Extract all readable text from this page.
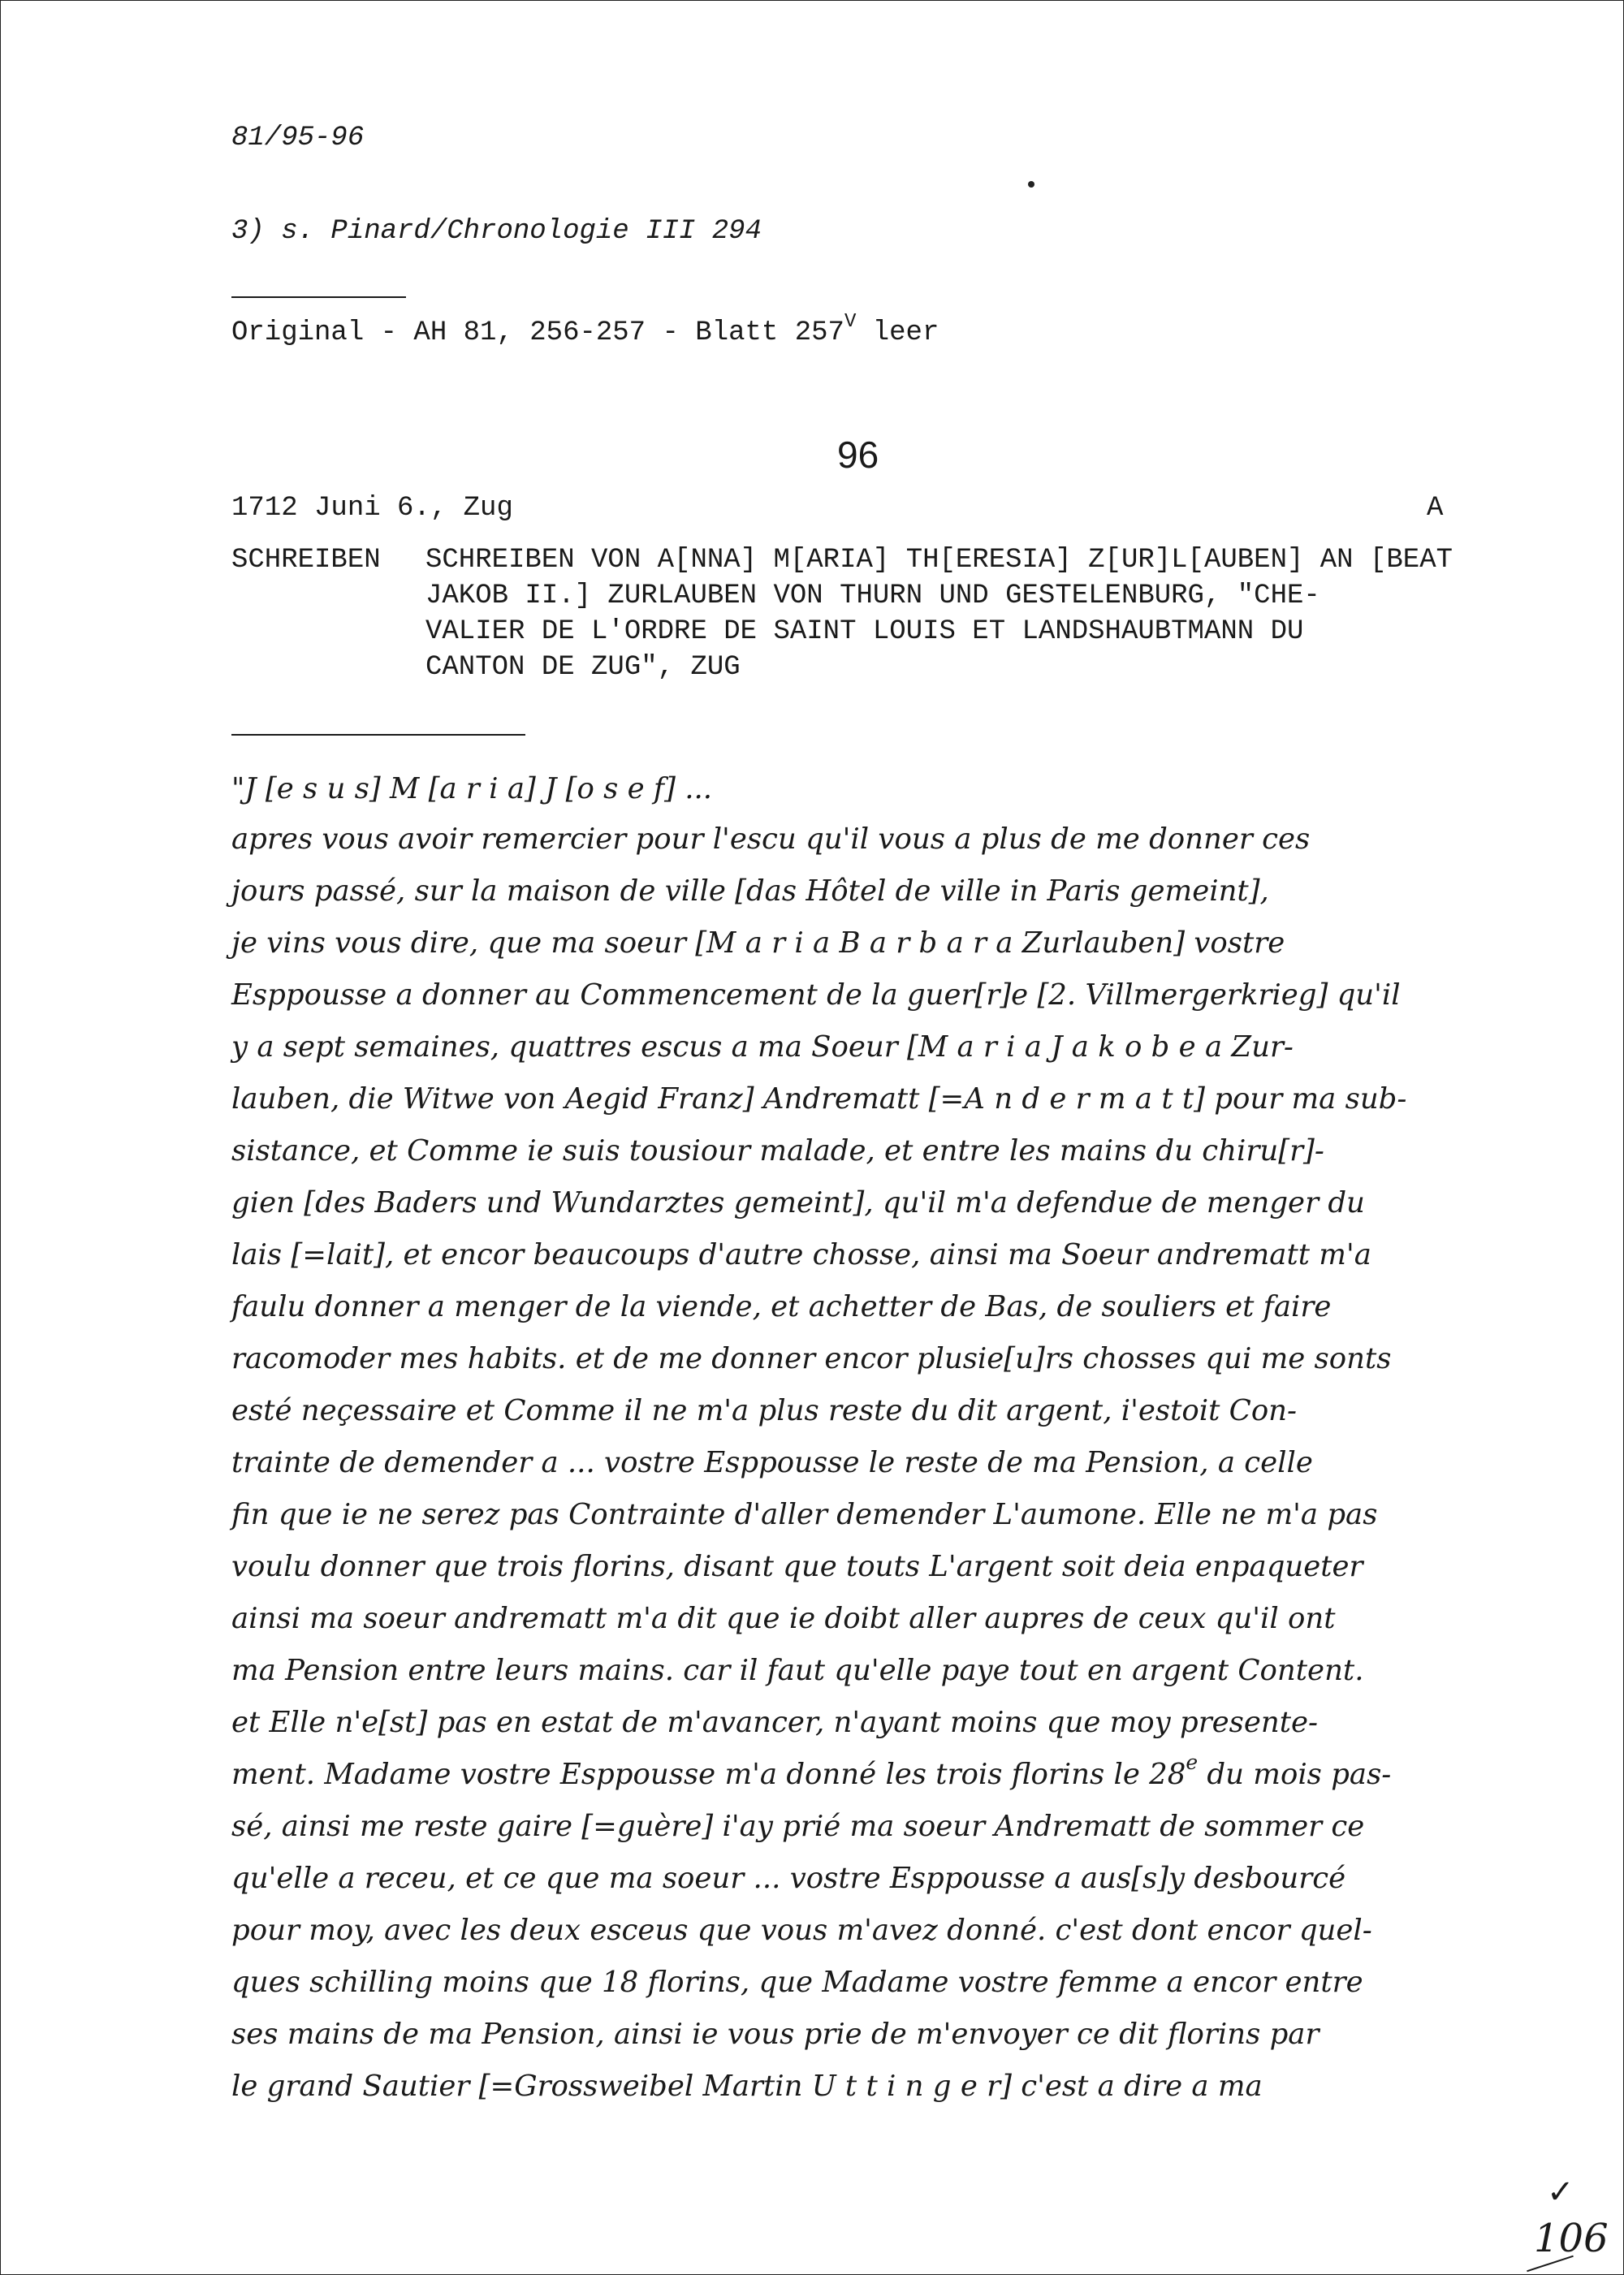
81/95-96
3) s. Pinard/Chronologie III 294
Original - AH 81, 256-257 - Blatt $257^V$ leer
96
1712 Juni 6., Zug	A
SCHREIBEN SCHREIBEN VON A[NNA] M[ARIA] TH[ERESIA] Z[UR]L[AUBEN] AN [BEAT
JAKOB II.] ZURLAUBEN VON THURN UND GESTELENBURG, "CHE-
VALIER DE L'ORDRE DE SAINT LOUIS ET LANDSHAUBTMANN DU
CANTON DE ZUG", ZUG
"J [e s u s] M [a r i a] J [o s e f] ...
apres vous avoir remercier pour l'escu qu'il vous a plus de me donner ces
jours passé, sur la maison de ville [das Hôtel de ville in Paris gemeint],
je vins vous dire, que ma soeur [M a r i a B a r b a r a Zurlauben] vostre
Esppousse a donner au Commencement de la guer[r]e [2. Villmergerkrieg] qu'il
y a sept semaines, quattres escus a ma Soeur [M a r i a J a k o b e a Zur-
lauben, die Witwe von Aegid Franz] Andrematt [=A n d e r m a t t] pour ma sub-
sistance, et Comme ie suis tousiour malade, et entre les mains du chiru[r]-
gien [des Baders und Wundarztes gemeint], qu'il m'a defendue de menger du
lais [=lait], et encor beaucoups d'autre chosse, ainsi ma Soeur andrematt m'a
faulu donner a menger de la viende, et achetter de Bas, de souliers et faire
racomoder mes habits. et de me donner encor plusie[u]rs chosses qui me sonts
esté neçessaire et Comme il ne m'a plus reste du dit argent, i'estoit Con-
trainte de demender a ... vostre Esppousse le reste de ma Pension, a celle
fin que ie ne serez pas Contrainte d'aller demender L'aumone. Elle ne m'a pas
voulu donner que trois florins, disant que touts L'argent soit deia enpaqueter
ainsi ma soeur andrematt m'a dit que ie doibt aller aupres de ceux qu'il ont
ma Pension entre leurs mains. car il faut qu'elle paye tout en argent Content.
et Elle n'e[st] pas en estat de m'avancer, n'ayant moins que moy presente-
ment. Madame vostre Esppousse m'a donné les trois florins le 28e du mois pas-
sé, ainsi me reste gaire [=guère] i'ay prié ma soeur Andrematt de sommer ce
qu'elle a receu, et ce que ma soeur ... vostre Esppousse a aus[s]y desbourcé
pour moy, avec les deux esceus que vous m'avez donné. c'est dont encor quel-
ques schilling moins que 18 florins, que Madame vostre femme a encor entre
ses mains de ma Pension, ainsi ie vous prie de m'envoyer ce dit florins par
le grand Sautier [=Grossweibel Martin U t t i n g e r] c'est a dire a ma
✓
106
